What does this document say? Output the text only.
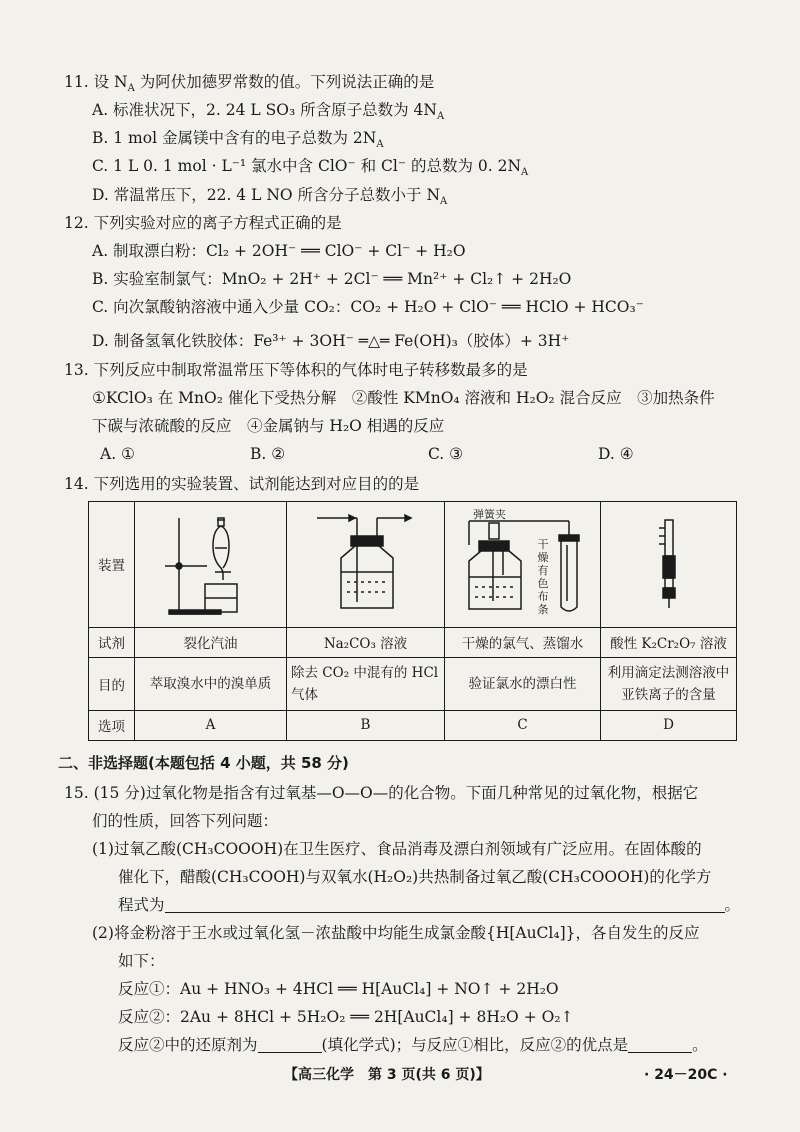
11. 设 $N_A$ 为阿伏加德罗常数的值。下列说法正确的是
A. 标准状况下，2. 24 L SO₃ 所含原子总数为 $4N_A$
B. 1 mol 金属镁中含有的电子总数为 $2N_A$
C. 1 L 0. 1 mol · L⁻¹ 氯水中含 ClO⁻ 和 Cl⁻ 的总数为 0. $2N_A$
D. 常温常压下，22. 4 L NO 所含分子总数小于 $N_A$
12. 下列实验对应的离子方程式正确的是
A. 制取漂白粉：Cl₂ + 2OH⁻ ══ ClO⁻ + Cl⁻ + H₂O
B. 实验室制氯气：MnO₂ + 2H⁺ + 2Cl⁻ ══ Mn²⁺ + Cl₂↑ + 2H₂O
C. 向次氯酸钠溶液中通入少量 CO₂：CO₂ + H₂O + ClO⁻ ══ HClO + HCO₃⁻
D. 制备氢氧化铁胶体：Fe³⁺ + 3OH⁻ ═△═ Fe(OH)₃（胶体）+ 3H⁺
13. 下列反应中制取常温常压下等体积的气体时电子转移数最多的是
①KClO₃ 在 MnO₂ 催化下受热分解　②酸性 KMnO₄ 溶液和 H₂O₂ 混合反应　③加热条件
下碳与浓硫酸的反应　④金属钠与 H₂O 相遇的反应
A. ①	B. ②	C. ③	D. ④
14. 下列选用的实验装置、试剂能达到对应目的的是
装置			弹簧夹
干燥有色布条

试剂	裂化汽油	Na₂CO₃ 溶液	干燥的氯气、蒸馏水	酸性 K₂Cr₂O₇ 溶液
目的	萃取溴水中的溴单质	除去 CO₂ 中混有的 HCl 气体	验证氯水的漂白性	利用滴定法测溶液中亚铁离子的含量
选项	A	B	C	D
二、非选择题(本题包括 4 小题，共 58 分)
15. (15 分)过氧化物是指含有过氧基—O—O—的化合物。下面几种常见的过氧化物，根据它
们的性质，回答下列问题：
(1)过氧乙酸(CH₃COOOH)在卫生医疗、食品消毒及漂白剂领域有广泛应用。在固体酸的
催化下，醋酸(CH₃COOH)与双氧水(H₂O₂)共热制备过氧乙酸(CH₃COOOH)的化学方
程式为	。
(2)将金粉溶于王水或过氧化氢－浓盐酸中均能生成氯金酸{H[AuCl₄]}，各自发生的反应
如下：
反应①：Au + HNO₃ + 4HCl ══ H[AuCl₄] + NO↑ + 2H₂O
反应②：2Au + 8HCl + 5H₂O₂ ══ 2H[AuCl₄] + 8H₂O + O₂↑
反应②中的还原剂为	(填化学式)；与反应①相比，反应②的优点是	。
【高三化学　第 3 页(共 6 页)】	· 24－20C ·
